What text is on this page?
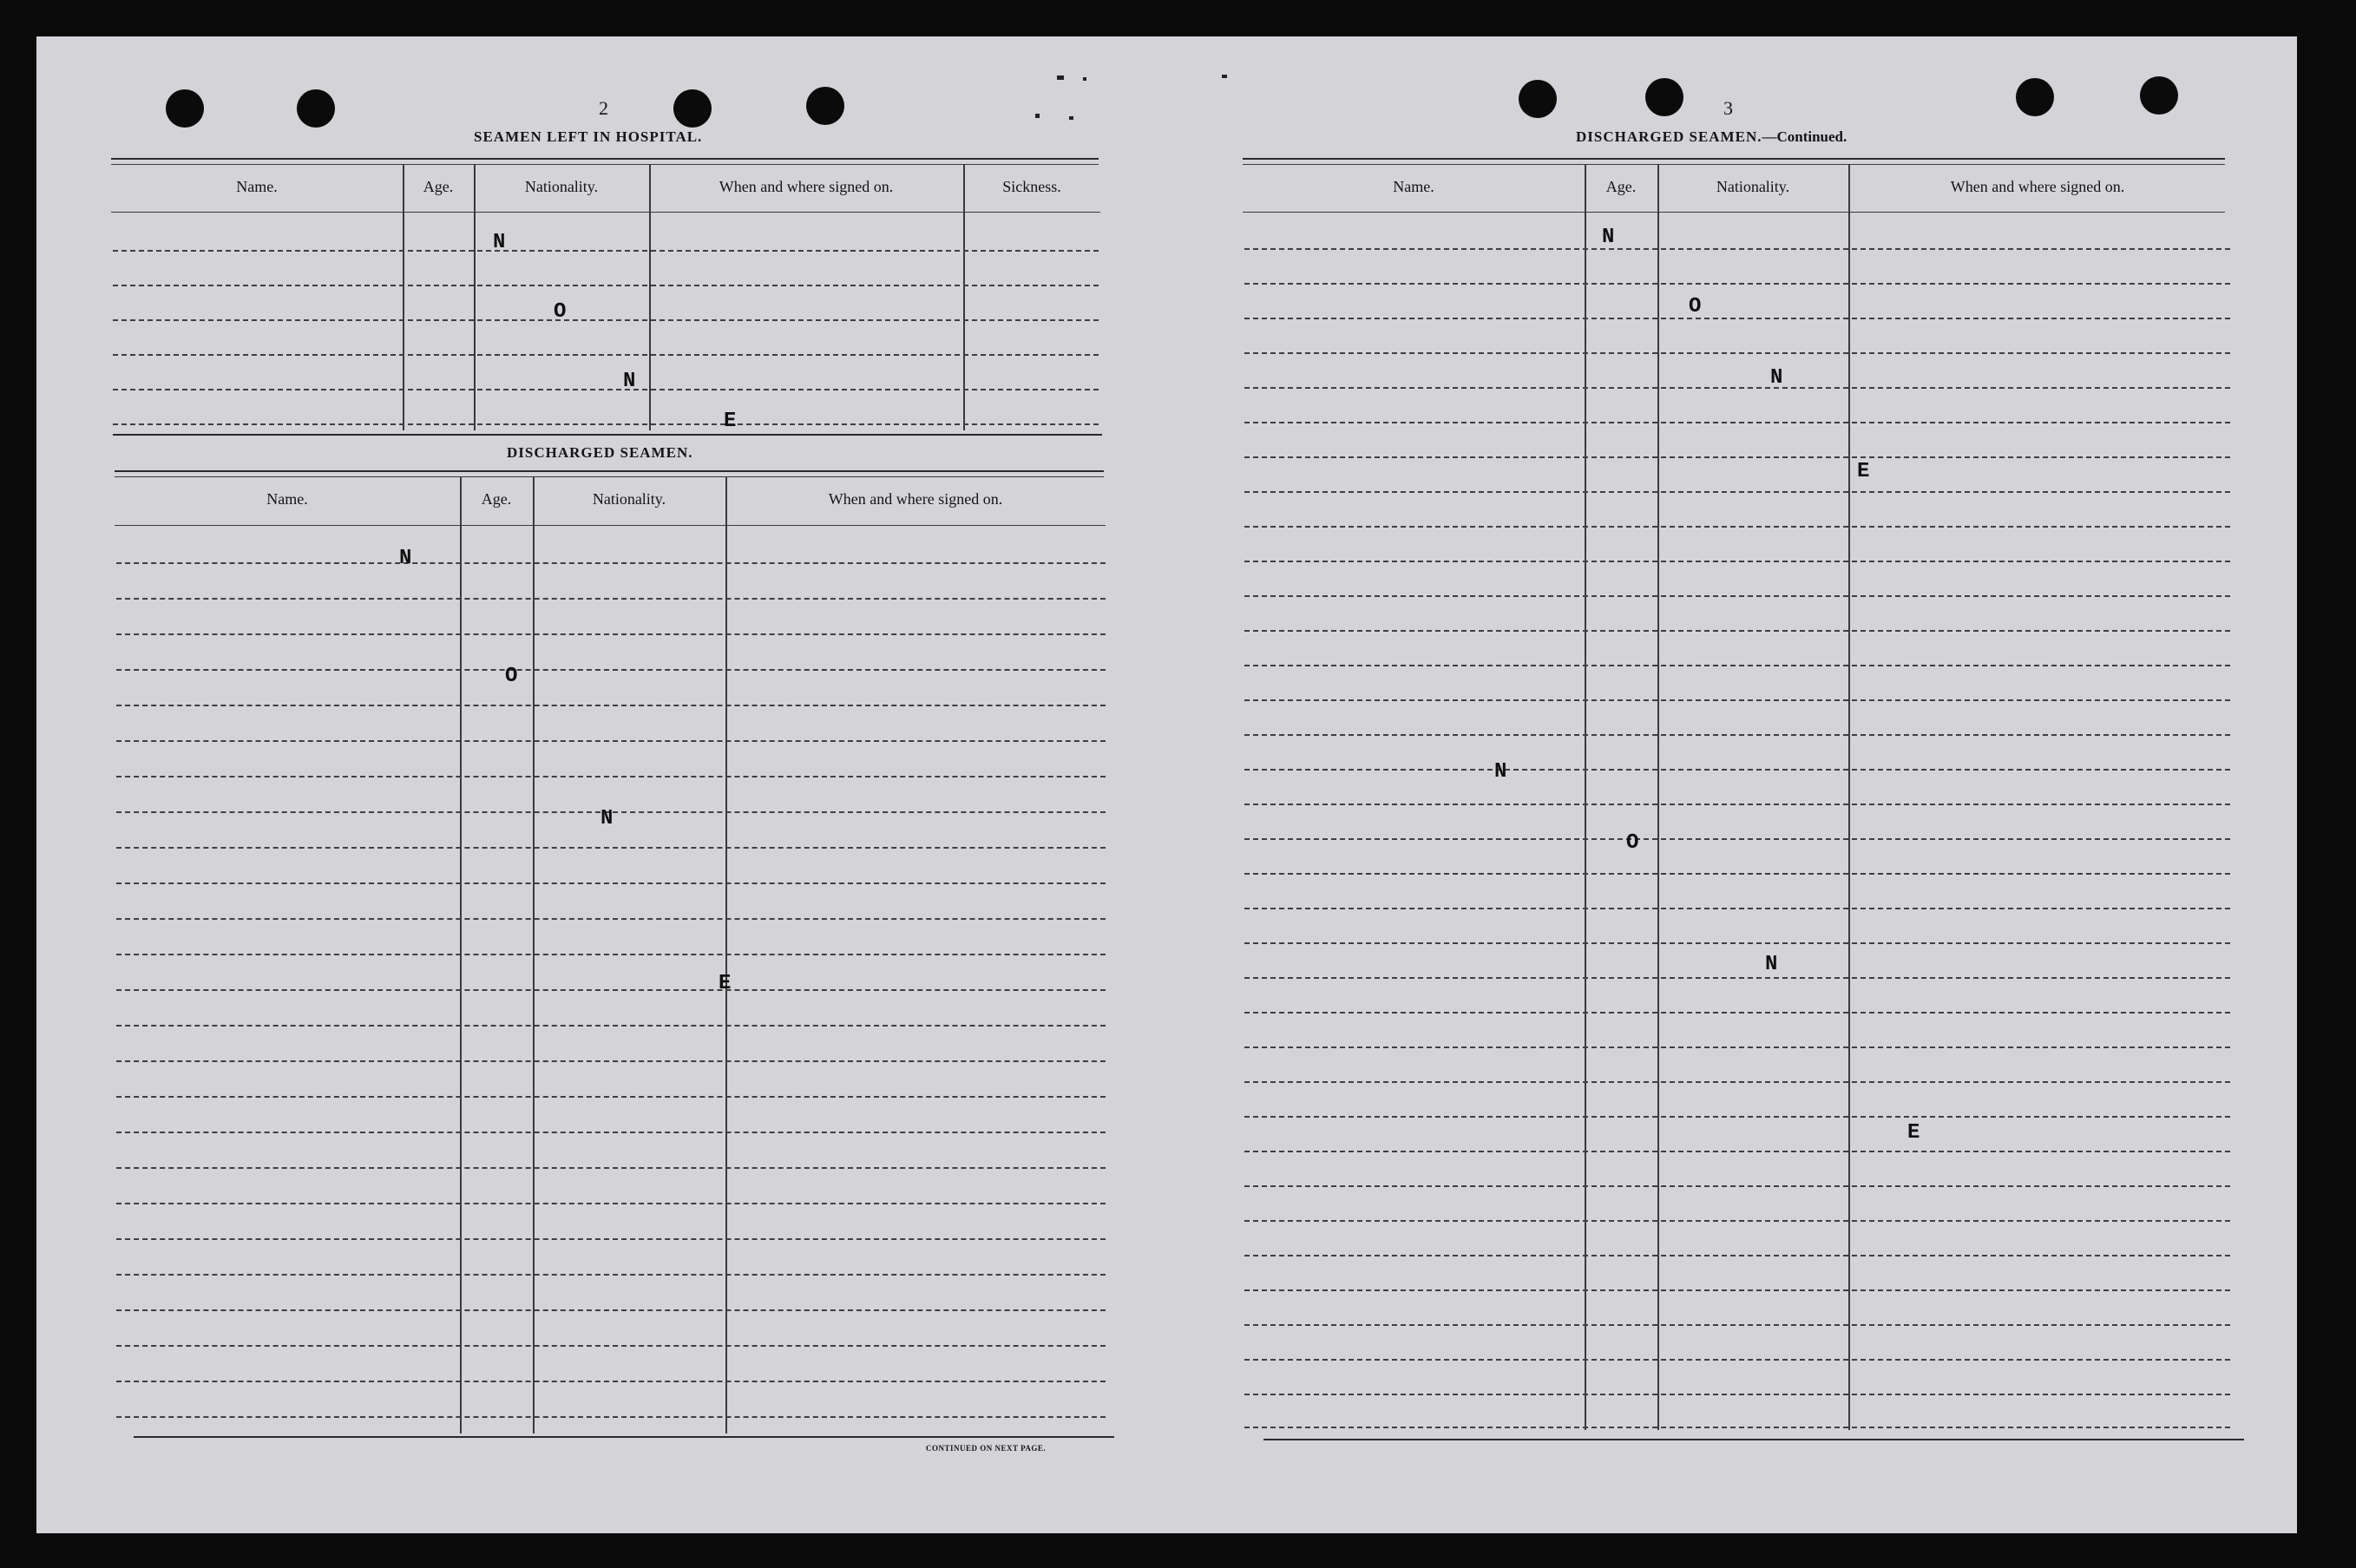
2
SEAMEN LEFT IN HOSPITAL.
Name.	Age.	Nationality.	When and where signed on.	Sickness.
N
O
N
E
DISCHARGED SEAMEN.
Name.	Age.	Nationality.	When and where signed on.
N
O
N
E
CONTINUED ON NEXT PAGE.
3
DISCHARGED SEAMEN.—Continued.
Name.	Age.	Nationality.	When and where signed on.
N
O
N
E
N
O
N
E
